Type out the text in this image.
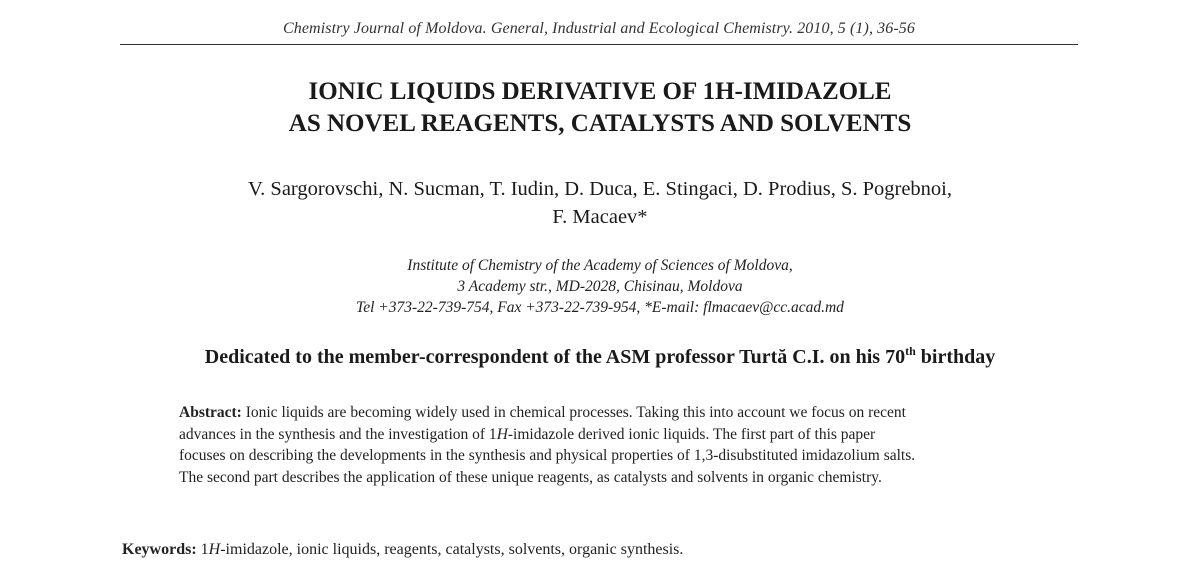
Chemistry Journal of Moldova. General, Industrial and Ecological Chemistry. 2010, 5 (1), 36-56
IONIC LIQUIDS DERIVATIVE OF 1H-IMIDAZOLE
AS NOVEL REAGENTS, CATALYSTS AND SOLVENTS
V. Sargorovschi, N. Sucman, T. Iudin, D. Duca, E. Stingaci, D. Prodius, S. Pogrebnoi,
F. Macaev*
Institute of Chemistry of the Academy of Sciences of Moldova,
3 Academy str., MD-2028, Chisinau, Moldova
Tel +373-22-739-754, Fax +373-22-739-954, *E-mail: flmacaev@cc.acad.md
Dedicated to the member-correspondent of the ASM professor Turtă C.I. on his 70th birthday
Abstract: Ionic liquids are becoming widely used in chemical processes. Taking this into account we focus on recent
advances in the synthesis and the investigation of 1H-imidazole derived ionic liquids. The first part of this paper
focuses on describing the developments in the synthesis and physical properties of 1,3-disubstituted imidazolium salts.
The second part describes the application of these unique reagents, as catalysts and solvents in organic chemistry.
Keywords: 1H-imidazole, ionic liquids, reagents, catalysts, solvents, organic synthesis.
